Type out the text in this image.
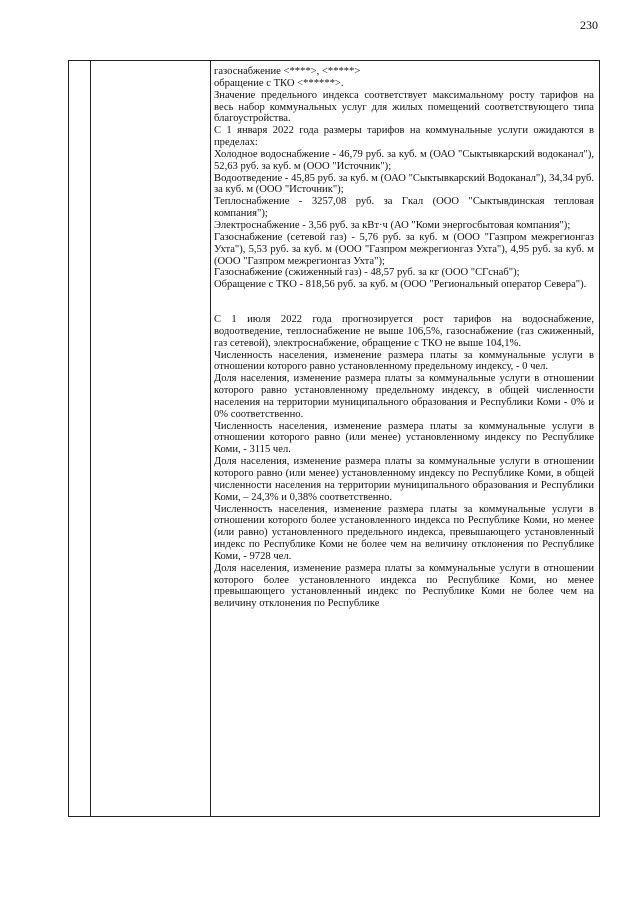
230

газоснабжение <****>, <*****>

обращение с ТКО <******>.

Значение предельного индекса соответствует максимальному росту тарифов на весь набор коммунальных услуг для жилых помещений соответствующего типа благоустройства.

С 1 января 2022 года размеры тарифов на коммунальные услуги ожидаются в пределах:

Холодное водоснабжение - 46,79 руб. за куб. м (ОАО "Сыктывкарский водоканал"), 52,63 руб. за куб. м (ООО "Источник");

Водоотведение - 45,85 руб. за куб. м (ОАО "Сыктывкарский Водоканал"), 34,34 руб. за куб. м (ООО "Источник");

Теплоснабжение - 3257,08 руб. за Гкал (ООО "Сыктывдинская тепловая компания");

Электроснабжение - 3,56 руб. за кВт·ч (АО "Коми энергосбытовая компания");

Газоснабжение (сетевой газ) - 5,76 руб. за куб. м (ООО "Газпром межрегионгаз Ухта"), 5,53 руб. за куб. м (ООО "Газпром межрегионгаз Ухта"), 4,95 руб. за куб. м (ООО "Газпром межрегионгаз Ухта");

Газоснабжение (сжиженный газ) - 48,57 руб. за кг (ООО "СГснаб");

Обращение с ТКО - 818,56 руб. за куб. м (ООО "Региональный оператор Севера").

С 1 июля 2022 года прогнозируется рост тарифов на водоснабжение, водоотведение, теплоснабжение не выше 106,5%, газоснабжение (газ сжиженный, газ сетевой), электроснабжение, обращение с ТКО не выше 104,1%.

Численность населения, изменение размера платы за коммунальные услуги в отношении которого равно установленному предельному индексу, - 0 чел.

Доля населения, изменение размера платы за коммунальные услуги в отношении которого равно установленному предельному индексу, в общей численности населения на территории муниципального образования и Республики Коми - 0% и 0% соответственно.

Численность населения, изменение размера платы за коммунальные услуги в отношении которого равно (или менее) установленному индексу по Республике Коми, - 3115 чел.

Доля населения, изменение размера платы за коммунальные услуги в отношении которого равно (или менее) установленному индексу по Республике Коми, в общей численности населения на территории муниципального образования и Республики Коми, – 24,3% и 0,38% соответственно.

Численность населения, изменение размера платы за коммунальные услуги в отношении которого более установленного индекса по Республике Коми, но менее (или равно) установленного предельного индекса, превышающего установленный индекс по Республике Коми не более чем на величину отклонения по Республике Коми, - 9728 чел.

Доля населения, изменение размера платы за коммунальные услуги в отношении которого более установленного индекса по Республике Коми, но менее превышающего установленный индекс по Республике Коми не более чем на величину отклонения по Республике
